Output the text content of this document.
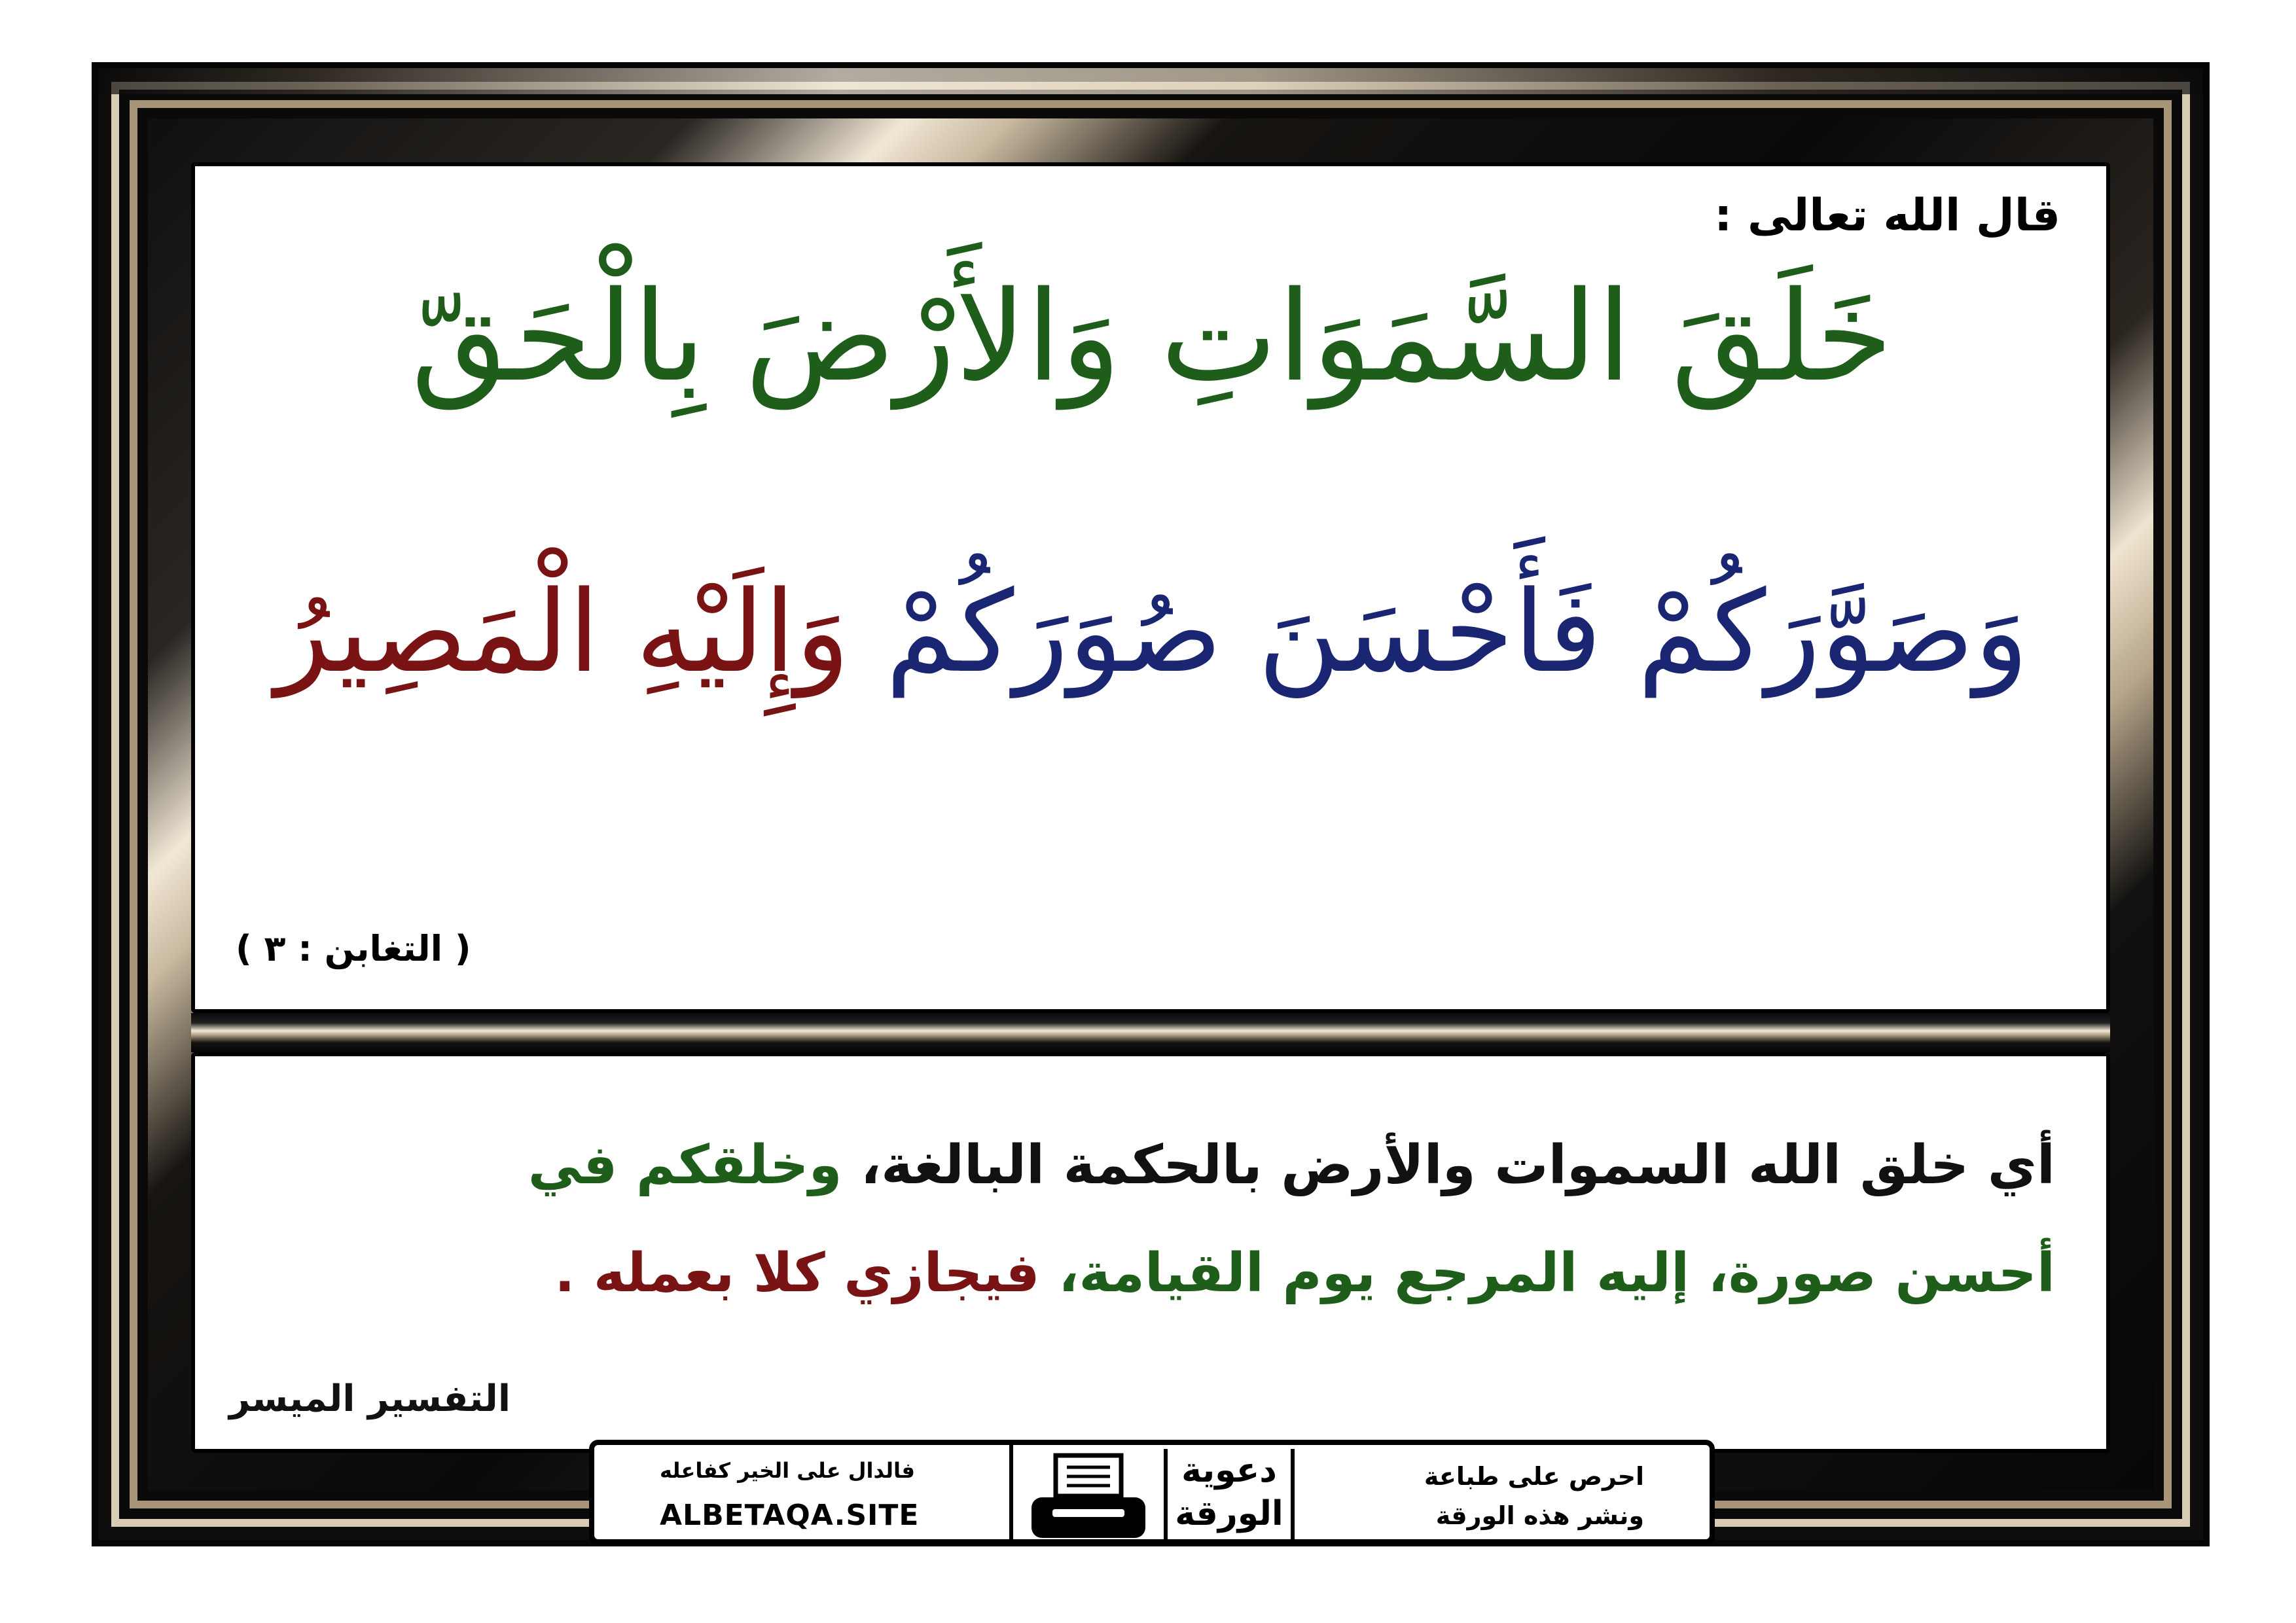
قال الله تعالى :
خَلَقَ السَّمَوَاتِ وَالأَرْضَ بِالْحَقّ
وَصَوَّرَكُمْ فَأَحْسَنَ صُوَرَكُمْ وَإِلَيْهِ الْمَصِيرُ
( التغابن : ٣ )
أي خلق الله السموات والأرض بالحكمة البالغة، وخلقكم في
أحسن صورة، إليه المرجع يوم القيامة، فيجازي كلا بعمله .
التفسير الميسر
فالدال على الخير كفاعله
ALBETAQA.SITE
دعوية
الورقة
احرص على طباعة
ونشر هذه الورقة
